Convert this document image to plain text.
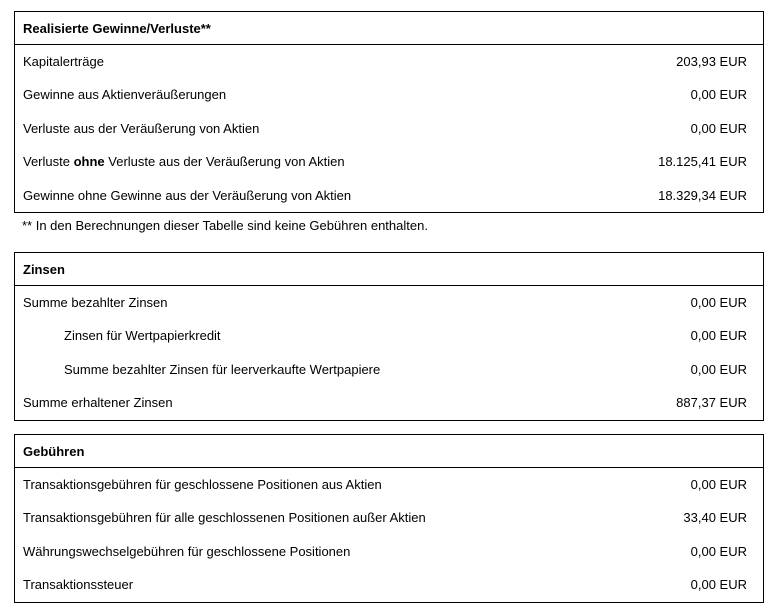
Realisierte Gewinne/Verluste**
Kapitalerträge	203,93 EUR
Gewinne aus Aktienveräußerungen	0,00 EUR
Verluste aus der Veräußerung von Aktien	0,00 EUR
Verluste ohne Verluste aus der Veräußerung von Aktien	18.125,41 EUR
Gewinne ohne Gewinne aus der Veräußerung von Aktien	18.329,34 EUR
** In den Berechnungen dieser Tabelle sind keine Gebühren enthalten.
Zinsen
Summe bezahlter Zinsen	0,00 EUR
Zinsen für Wertpapierkredit	0,00 EUR
Summe bezahlter Zinsen für leerverkaufte Wertpapiere	0,00 EUR
Summe erhaltener Zinsen	887,37 EUR
Gebühren
Transaktionsgebühren für geschlossene Positionen aus Aktien	0,00 EUR
Transaktionsgebühren für alle geschlossenen Positionen außer Aktien	33,40 EUR
Währungswechselgebühren für geschlossene Positionen	0,00 EUR
Transaktionssteuer	0,00 EUR
